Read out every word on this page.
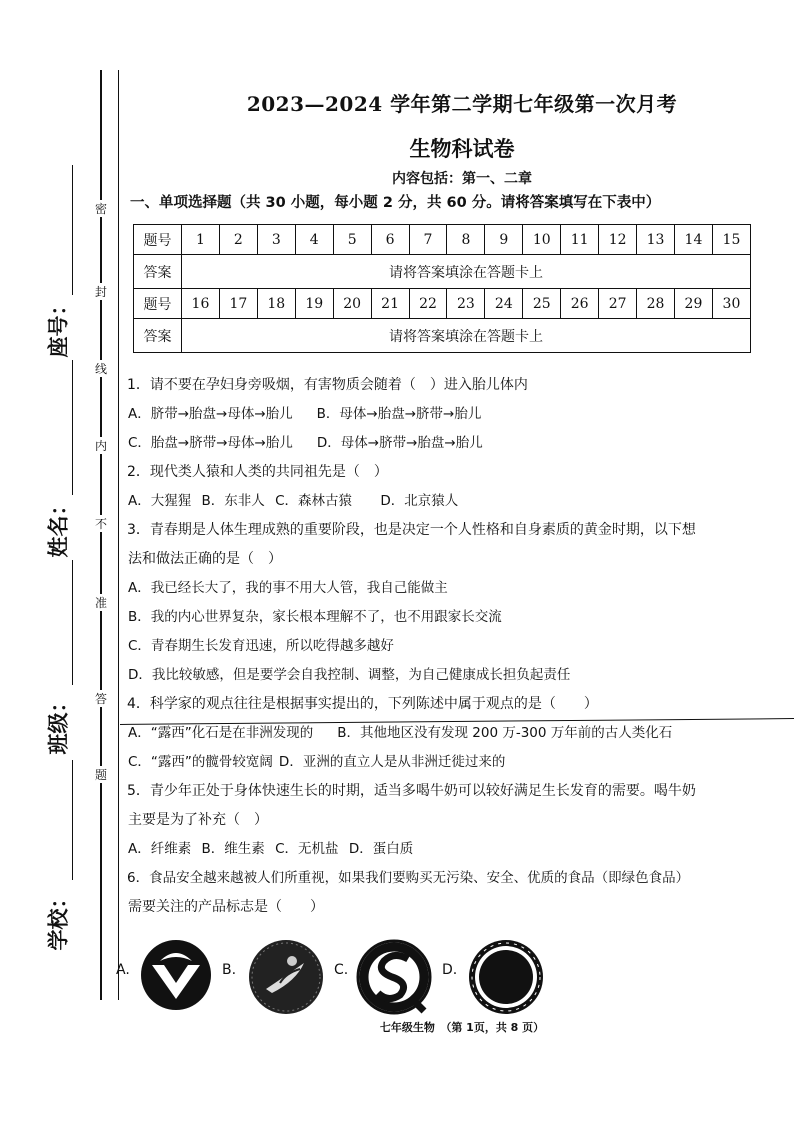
密
封
线
内
不
准
答
题
座号：
姓名：
班级：
学校：
2023—2024 学年第二学期七年级第一次月考
生物科试卷
内容包括：第一、二章
一、单项选择题（共 30 小题，每小题 2 分，共 60 分。请将答案填写在下表中）
题号	1	2	3	4	5	6	7	8	9	10	11	12	13	14	15
答案	请将答案填涂在答题卡上														
题号	16	17	18	19	20	21	22	23	24	25	26	27	28	29	30
答案	请将答案填涂在答题卡上														
1．请不要在孕妇身旁吸烟，有害物质会随着（　）进入胎儿体内
A．脐带→胎盘→母体→胎儿 B．母体→胎盘→脐带→胎儿
C．胎盘→脐带→母体→胎儿 D．母体→脐带→胎盘→胎儿
2．现代类人猿和人类的共同祖先是（　）
A．大猩猩 B．东非人 C．森林古猿 D．北京猿人
3．青春期是人体生理成熟的重要阶段，也是决定一个人性格和自身素质的黄金时期，以下想
法和做法正确的是（　）
A．我已经长大了，我的事不用大人管，我自己能做主
B．我的内心世界复杂，家长根本理解不了，也不用跟家长交流
C．青春期生长发育迅速，所以吃得越多越好
D．我比较敏感，但是要学会自我控制、调整，为自己健康成长担负起责任
4．科学家的观点往往是根据事实提出的，下列陈述中属于观点的是（　　）
A．“露西”化石是在非洲发现的 B．其他地区没有发现 200 万-300 万年前的古人类化石
C．“露西”的髋骨较宽阔 D．亚洲的直立人是从非洲迁徙过来的
5．青少年正处于身体快速生长的时期，适当多喝牛奶可以较好满足生长发育的需要。喝牛奶
主要是为了补充（　）
A．纤维素 B．维生素 C．无机盐 D．蛋白质
6．食品安全越来越被人们所重视，如果我们要购买无污染、安全、优质的食品（即绿色食品）
需要关注的产品标志是（　　）
A.	B.	C.	D.
七年级生物　（第 1页，共 8 页）
